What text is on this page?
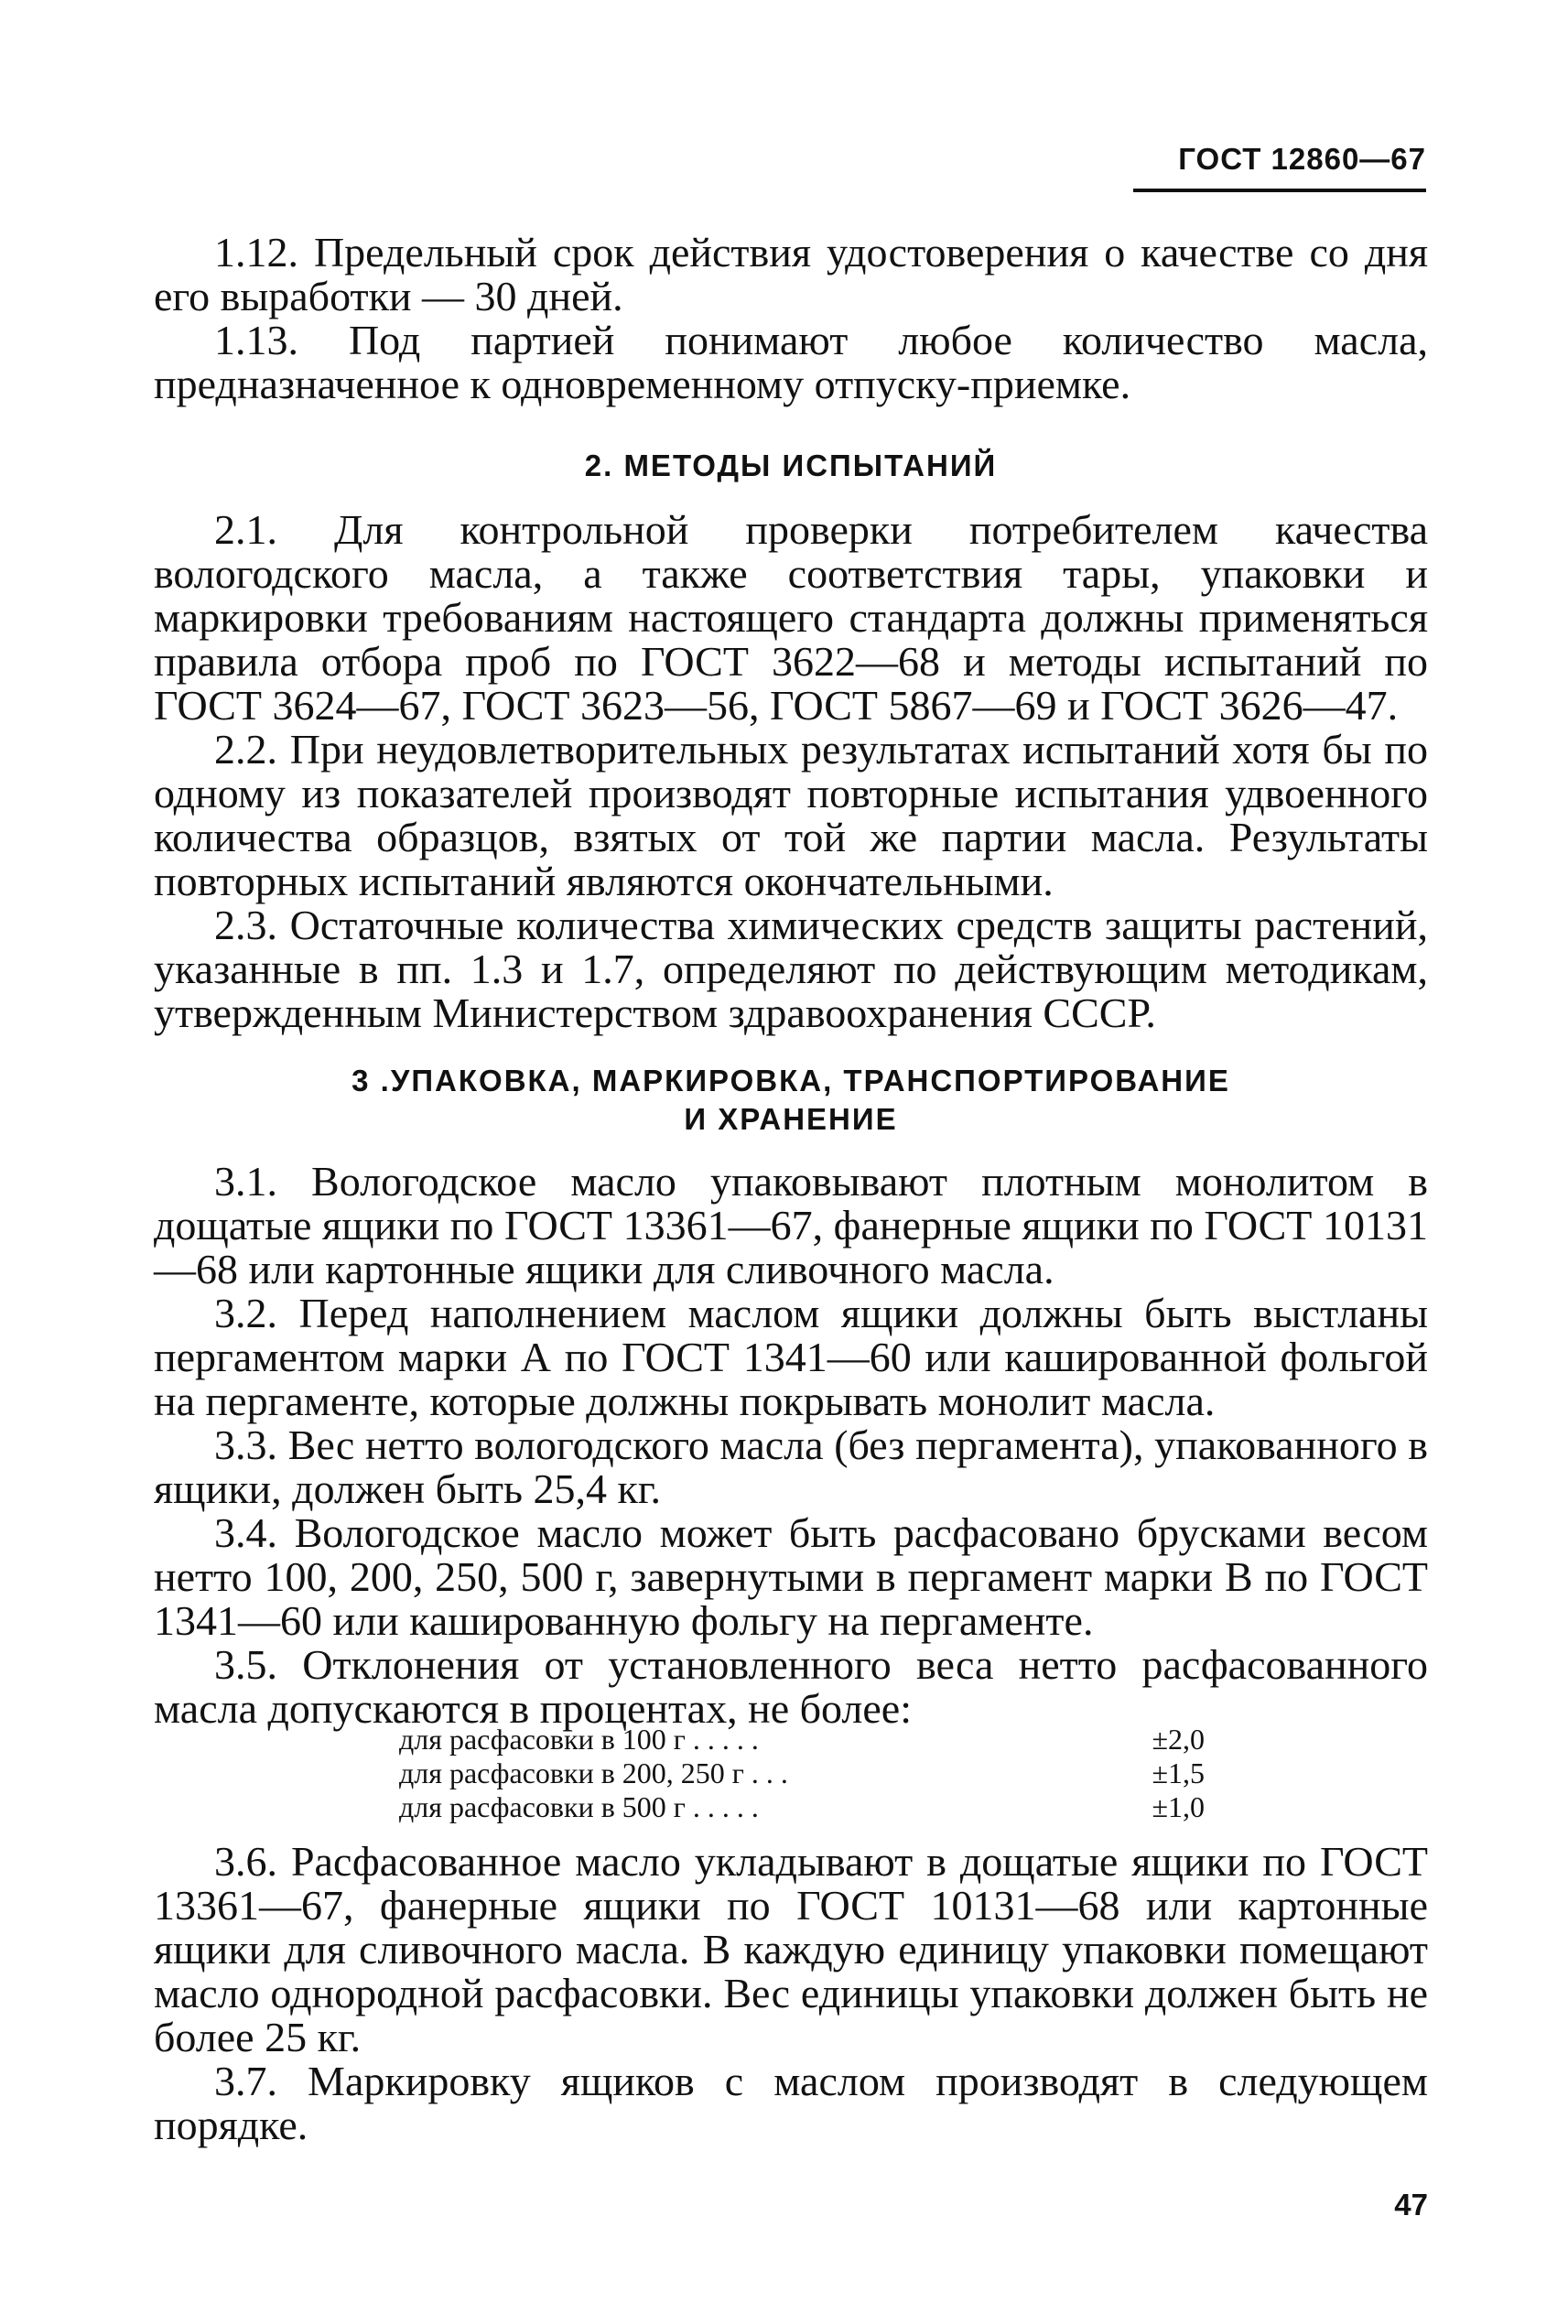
ГОСТ 12860—67

1.12. Предельный срок действия удостоверения о качестве со дня его выработки — 30 дней.

1.13. Под партией понимают любое количество масла, предназначенное к одновременному отпуску-приемке.

2. МЕТОДЫ ИСПЫТАНИЙ

2.1. Для контрольной проверки потребителем качества вологодского масла, а также соответствия тары, упаковки и маркировки требованиям настоящего стандарта должны применяться правила отбора проб по ГОСТ 3622—68 и методы испытаний по ГОСТ 3624—67, ГОСТ 3623—56, ГОСТ 5867—69 и ГОСТ 3626—47.

2.2. При неудовлетворительных результатах испытаний хотя бы по одному из показателей производят повторные испытания удвоенного количества образцов, взятых от той же партии масла. Результаты повторных испытаний являются окончательными.

2.3. Остаточные количества химических средств защиты растений, указанные в пп. 1.3 и 1.7, определяют по действующим методикам, утвержденным Министерством здравоохранения СССР.

3 .УПАКОВКА, МАРКИРОВКА, ТРАНСПОРТИРОВАНИЕ
И ХРАНЕНИЕ

3.1. Вологодское масло упаковывают плотным монолитом в дощатые ящики по ГОСТ 13361—67, фанерные ящики по ГОСТ 10131—68 или картонные ящики для сливочного масла.

3.2. Перед наполнением маслом ящики должны быть выстланы пергаментом марки А по ГОСТ 1341—60 или кашированной фольгой на пергаменте, которые должны покрывать монолит масла.

3.3. Вес нетто вологодского масла (без пергамента), упакованного в ящики, должен быть 25,4 кг.

3.4. Вологодское масло может быть расфасовано брусками весом нетто 100, 200, 250, 500 г, завернутыми в пергамент марки В по ГОСТ 1341—60 или кашированную фольгу на пергаменте.

3.5. Отклонения от установленного веса нетто расфасованного масла допускаются в процентах, не более:

для расфасовки в 100 г . . . . .	±2,0
для расфасовки в 200, 250 г . . .	±1,5
для расфасовки в 500 г . . . . .	±1,0

3.6. Расфасованное масло укладывают в дощатые ящики по ГОСТ 13361—67, фанерные ящики по ГОСТ 10131—68 или картонные ящики для сливочного масла. В каждую единицу упаковки помещают масло однородной расфасовки. Вес единицы упаковки должен быть не более 25 кг.

3.7. Маркировку ящиков с маслом производят в следующем порядке.

47
